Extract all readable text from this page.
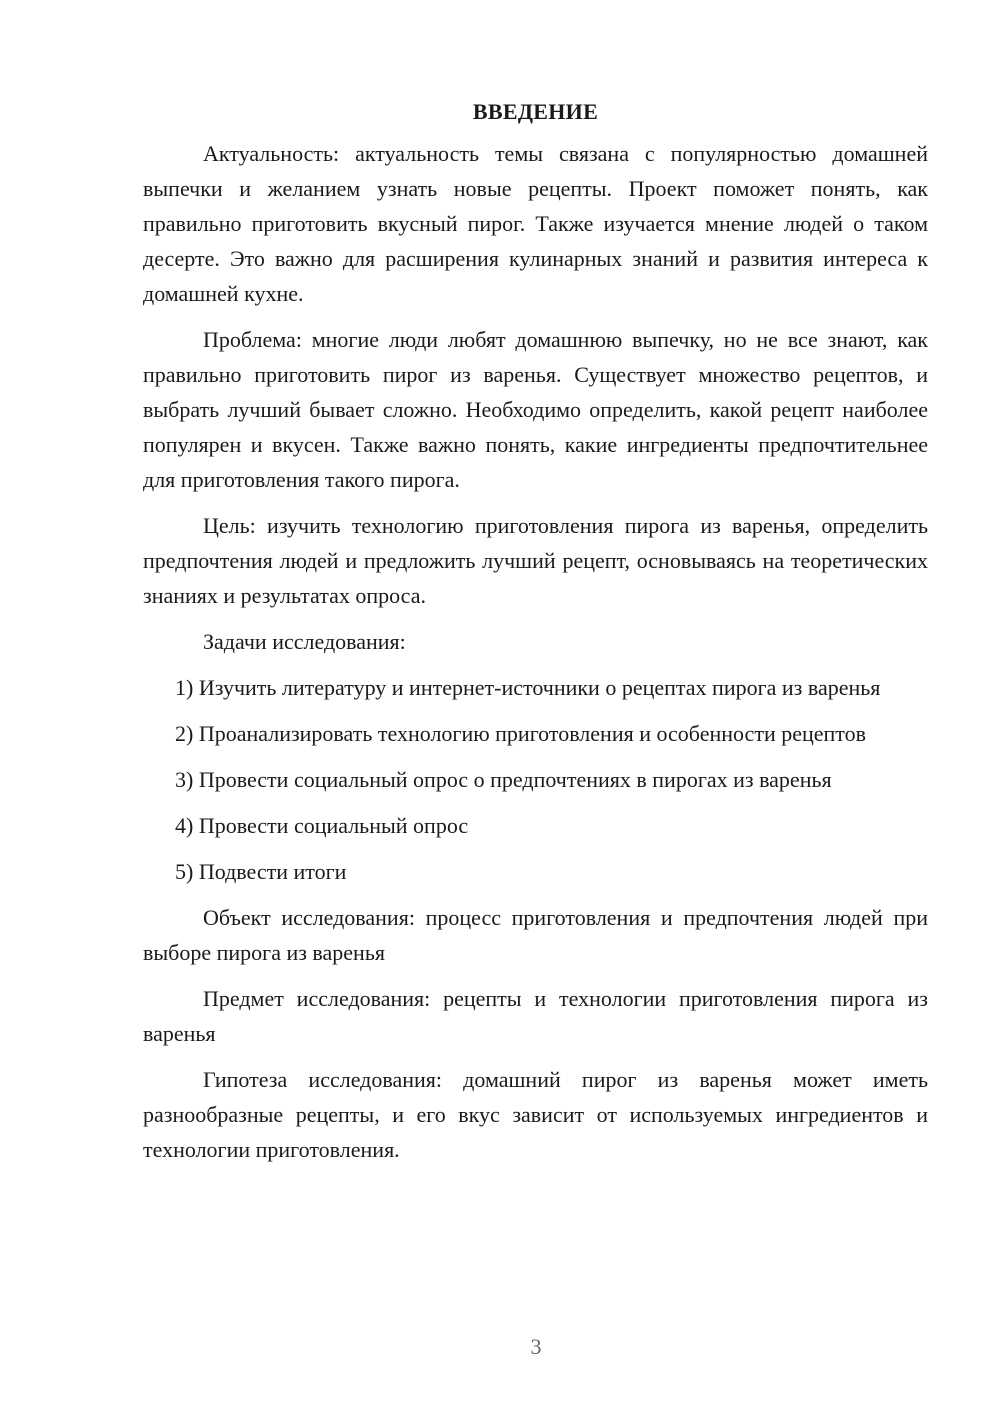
ВВЕДЕНИЕ

Актуальность: актуальность темы связана с популярностью домашней выпечки и желанием узнать новые рецепты. Проект поможет понять, как правильно приготовить вкусный пирог. Также изучается мнение людей о таком десерте. Это важно для расширения кулинарных знаний и развития интереса к домашней кухне.

Проблема: многие люди любят домашнюю выпечку, но не все знают, как правильно приготовить пирог из варенья. Существует множество рецептов, и выбрать лучший бывает сложно. Необходимо определить, какой рецепт наиболее популярен и вкусен. Также важно понять, какие ингредиенты предпочтительнее для приготовления такого пирога.

Цель: изучить технологию приготовления пирога из варенья, определить предпочтения людей и предложить лучший рецепт, основываясь на теоретических знаниях и результатах опроса.

Задачи исследования:

1) Изучить литературу и интернет-источники о рецептах пирога из варенья

2) Проанализировать технологию приготовления и особенности рецептов

3) Провести социальный опрос о предпочтениях в пирогах из варенья

4) Провести социальный опрос

5) Подвести итоги

Объект исследования: процесс приготовления и предпочтения людей при выборе пирога из варенья

Предмет исследования: рецепты и технологии приготовления пирога из варенья

Гипотеза исследования: домашний пирог из варенья может иметь разнообразные рецепты, и его вкус зависит от используемых ингредиентов и технологии приготовления.

3
